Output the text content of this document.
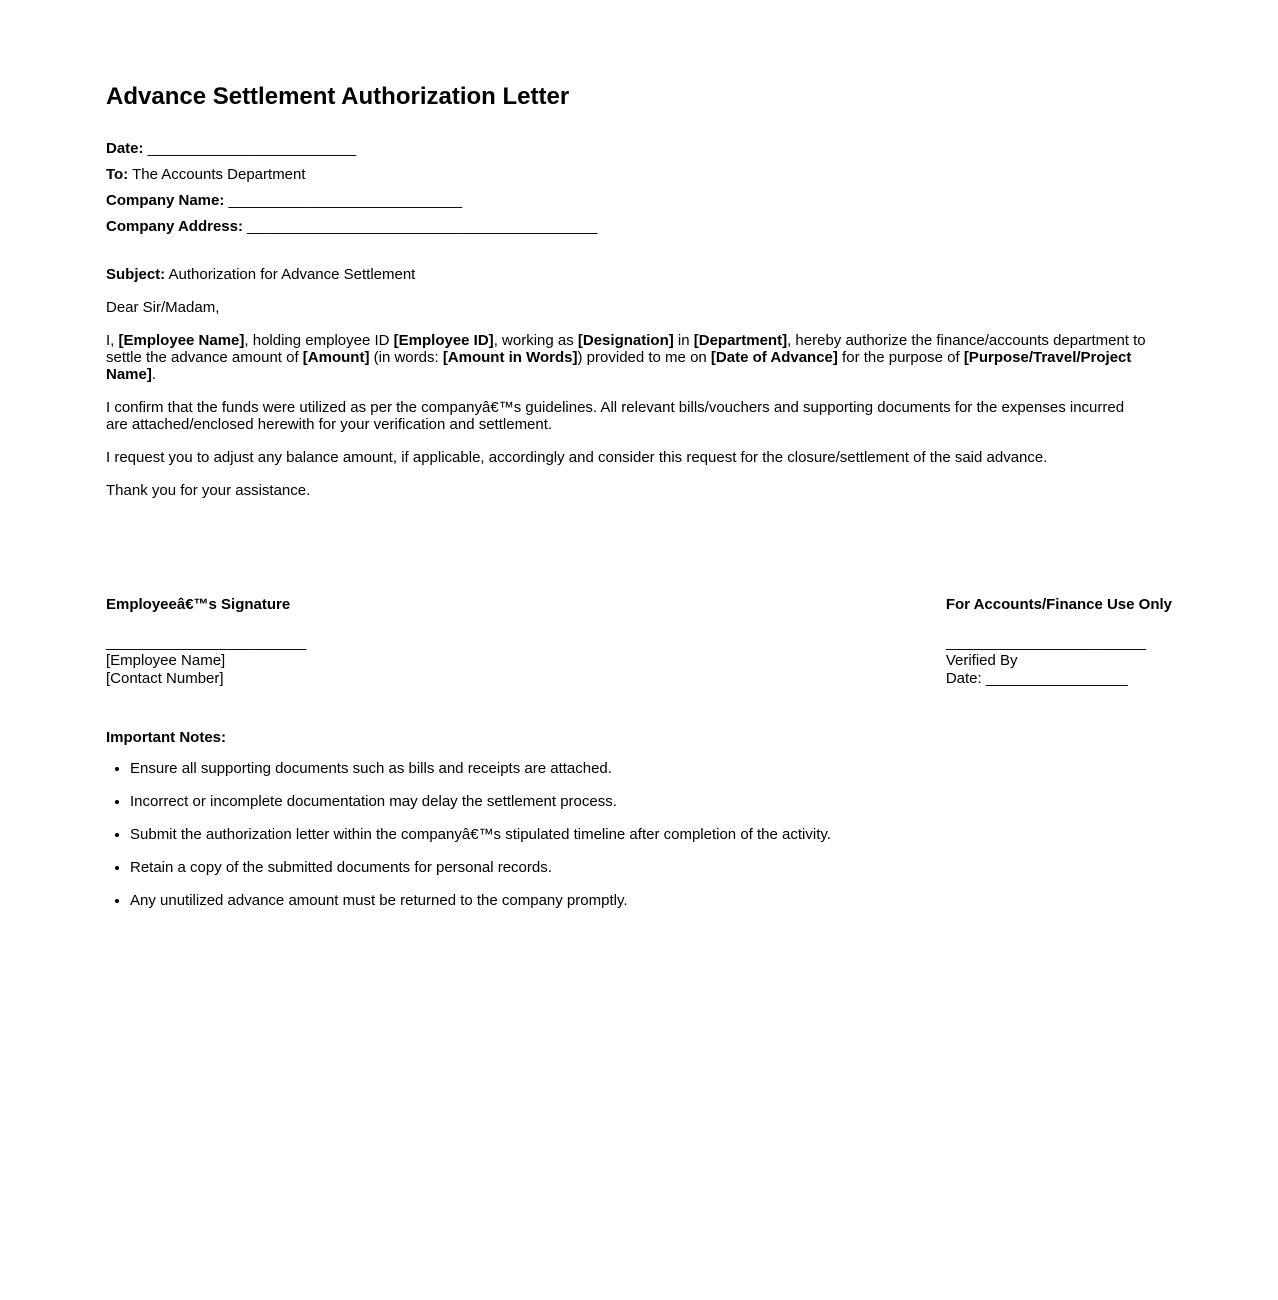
Advance Settlement Authorization Letter

Date: _________________________

To: The Accounts Department

Company Name: ____________________________

Company Address: __________________________________________

Subject: Authorization for Advance Settlement

Dear Sir/Madam,

I, [Employee Name], holding employee ID [Employee ID], working as [Designation] in [Department], hereby authorize the finance/accounts department to settle the advance amount of [Amount] (in words: [Amount in Words]) provided to me on [Date of Advance] for the purpose of [Purpose/Travel/Project Name].

I confirm that the funds were utilized as per the companyâ€™s guidelines. All relevant bills/vouchers and supporting documents for the expenses incurred are attached/enclosed herewith for your verification and settlement.

I request you to adjust any balance amount, if applicable, accordingly and consider this request for the closure/settlement of the said advance.

Thank you for your assistance.

Employeeâ€™s Signature

________________________
[Employee Name]
[Contact Number]

For Accounts/Finance Use Only

________________________
Verified By
Date: _________________

Important Notes:

• Ensure all supporting documents such as bills and receipts are attached.
• Incorrect or incomplete documentation may delay the settlement process.
• Submit the authorization letter within the companyâ€™s stipulated timeline after completion of the activity.
• Retain a copy of the submitted documents for personal records.
• Any unutilized advance amount must be returned to the company promptly.
